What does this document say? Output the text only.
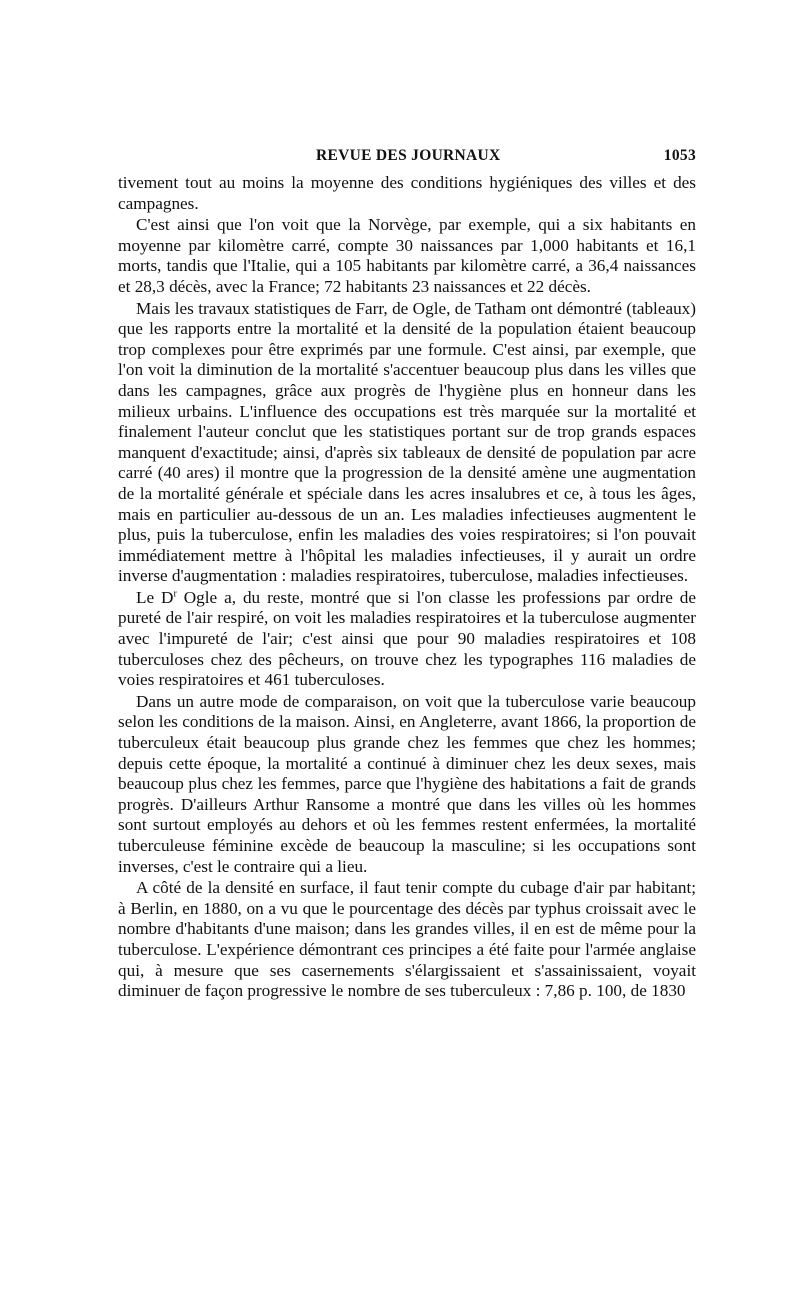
REVUE DES JOURNAUX	1053

tivement tout au moins la moyenne des conditions hygiéniques des villes et des campagnes.

C'est ainsi que l'on voit que la Norvège, par exemple, qui a six habitants en moyenne par kilomètre carré, compte 30 naissances par 1,000 habitants et 16,1 morts, tandis que l'Italie, qui a 105 habitants par kilomètre carré, a 36,4 naissances et 28,3 décès, avec la France; 72 habitants 23 naissances et 22 décès.

Mais les travaux statistiques de Farr, de Ogle, de Tatham ont démontré (tableaux) que les rapports entre la mortalité et la densité de la population étaient beaucoup trop complexes pour être exprimés par une formule. C'est ainsi, par exemple, que l'on voit la diminution de la mortalité s'accentuer beaucoup plus dans les villes que dans les campagnes, grâce aux progrès de l'hygiène plus en honneur dans les milieux urbains. L'influence des occupations est très marquée sur la mortalité et finalement l'auteur conclut que les statistiques portant sur de trop grands espaces manquent d'exactitude; ainsi, d'après six tableaux de densité de population par acre carré (40 ares) il montre que la progression de la densité amène une augmentation de la mortalité générale et spéciale dans les acres insalubres et ce, à tous les âges, mais en particulier au-dessous de un an. Les maladies infectieuses augmentent le plus, puis la tuberculose, enfin les maladies des voies respiratoires; si l'on pouvait immédiatement mettre à l'hôpital les maladies infectieuses, il y aurait un ordre inverse d'augmentation : maladies respiratoires, tuberculose, maladies infectieuses.

Le $D^r$ Ogle a, du reste, montré que si l'on classe les professions par ordre de pureté de l'air respiré, on voit les maladies respiratoires et la tuberculose augmenter avec l'impureté de l'air; c'est ainsi que pour 90 maladies respiratoires et 108 tuberculoses chez des pêcheurs, on trouve chez les typographes 116 maladies de voies respiratoires et 461 tuberculoses.

Dans un autre mode de comparaison, on voit que la tuberculose varie beaucoup selon les conditions de la maison. Ainsi, en Angleterre, avant 1866, la proportion de tuberculeux était beaucoup plus grande chez les femmes que chez les hommes; depuis cette époque, la mortalité a continué à diminuer chez les deux sexes, mais beaucoup plus chez les femmes, parce que l'hygiène des habitations a fait de grands progrès. D'ailleurs Arthur Ransome a montré que dans les villes où les hommes sont surtout employés au dehors et où les femmes restent enfermées, la mortalité tuberculeuse féminine excède de beaucoup la masculine; si les occupations sont inverses, c'est le contraire qui a lieu.

A côté de la densité en surface, il faut tenir compte du cubage d'air par habitant; à Berlin, en 1880, on a vu que le pourcentage des décès par typhus croissait avec le nombre d'habitants d'une maison; dans les grandes villes, il en est de même pour la tuberculose. L'expérience démontrant ces principes a été faite pour l'armée anglaise qui, à mesure que ses casernements s'élargissaient et s'assainissaient, voyait diminuer de façon progressive le nombre de ses tuberculeux : 7,86 p. 100, de 1830
